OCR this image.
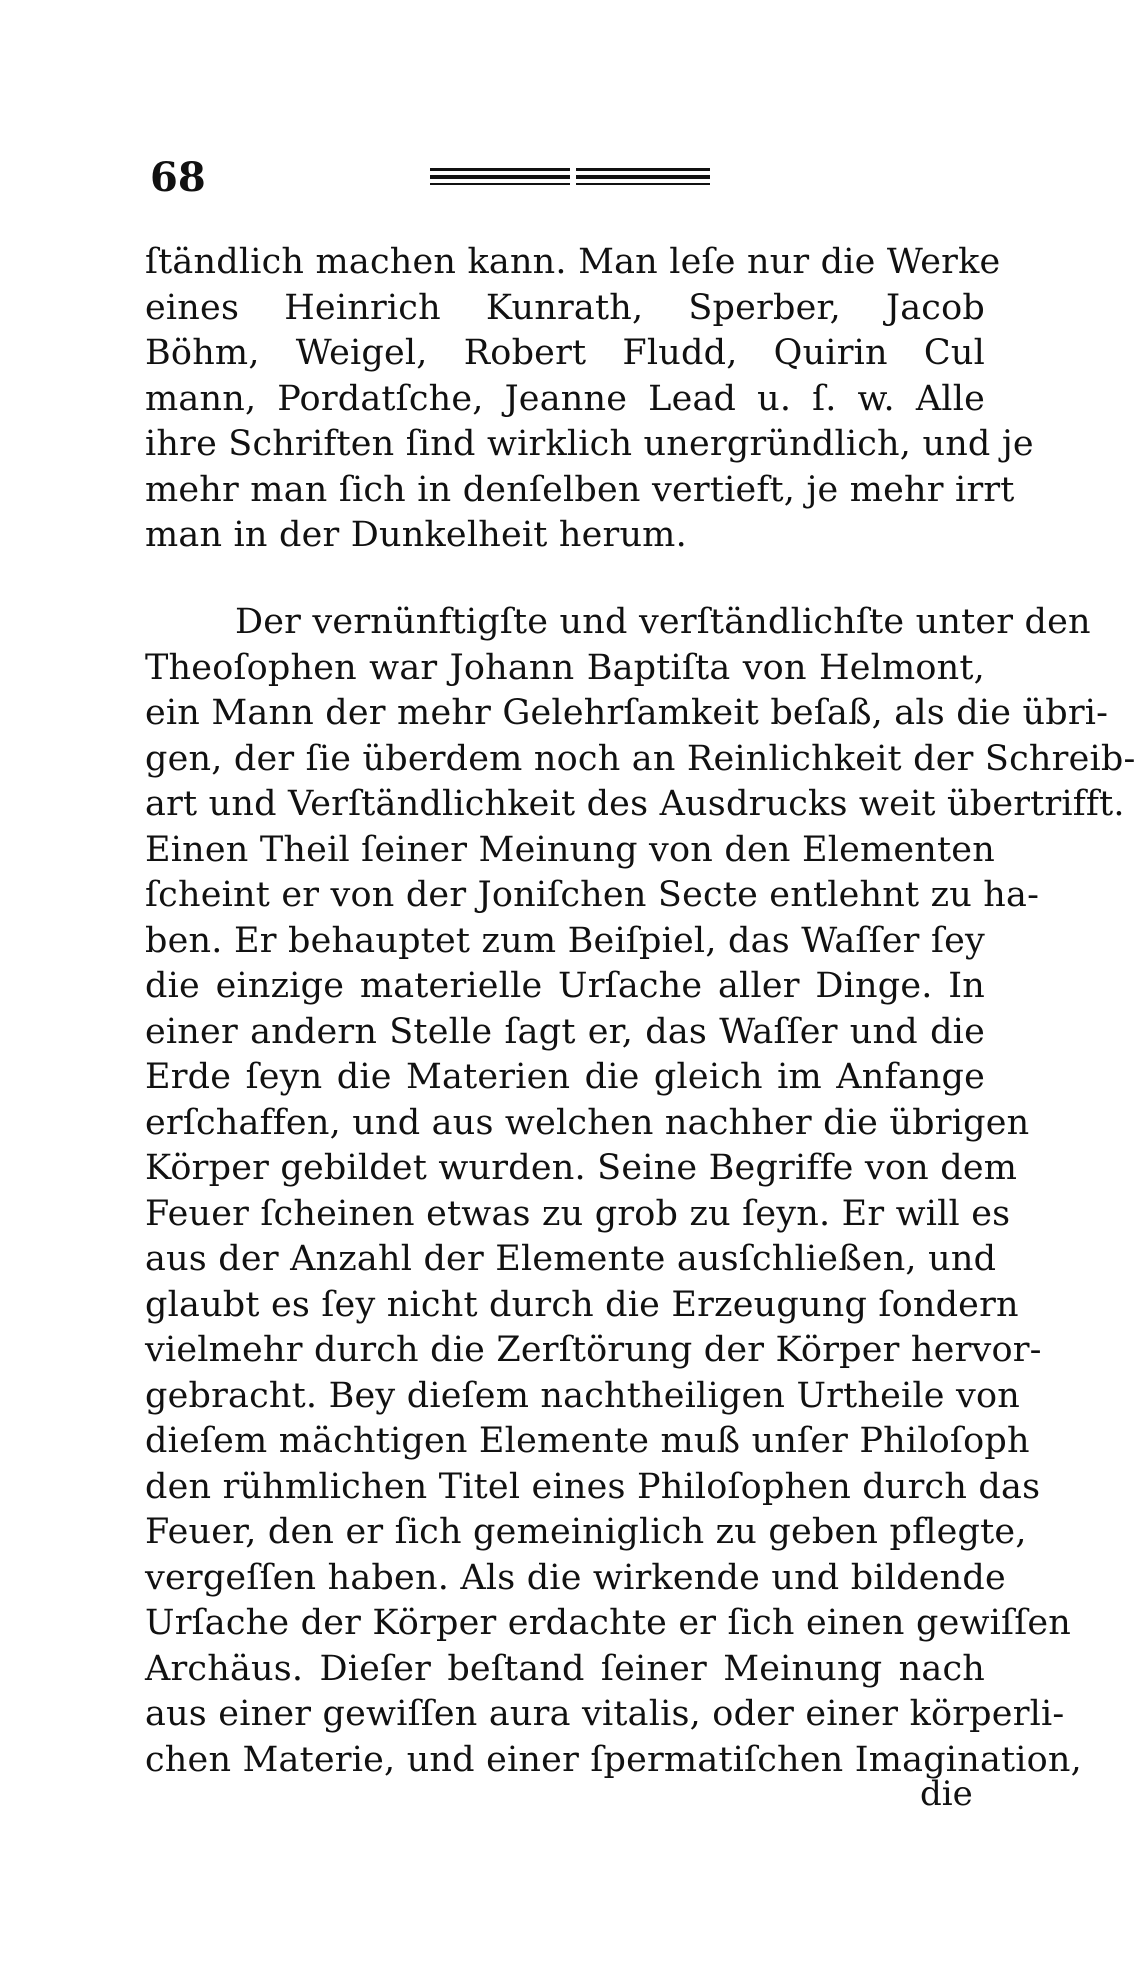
68
ſtändlich machen kann. Man leſe nur die Werke
eines Heinrich Kunrath, Sperber, Jacob
Böhm, Weigel, Robert Fludd, Quirin Cul
mann, Pordatſche, Jeanne Lead u. ſ. w. Alle
ihre Schriften ſind wirklich unergründlich, und je
mehr man ſich in denſelben vertieft, je mehr irrt
man in der Dunkelheit herum.
Der vernünftigſte und verſtändlichſte unter den
Theoſophen war Johann Baptiſta von Helmont,
ein Mann der mehr Gelehrſamkeit beſaß, als die übri-
gen, der ſie überdem noch an Reinlichkeit der Schreib-
art und Verſtändlichkeit des Ausdrucks weit übertrifft.
Einen Theil ſeiner Meinung von den Elementen
ſcheint er von der Joniſchen Secte entlehnt zu ha-
ben. Er behauptet zum Beiſpiel, das Waſſer ſey
die einzige materielle Urſache aller Dinge. In
einer andern Stelle ſagt er, das Waſſer und die
Erde ſeyn die Materien die gleich im Anfange
erſchaffen, und aus welchen nachher die übrigen
Körper gebildet wurden. Seine Begriffe von dem
Feuer ſcheinen etwas zu grob zu ſeyn. Er will es
aus der Anzahl der Elemente ausſchließen, und
glaubt es ſey nicht durch die Erzeugung ſondern
vielmehr durch die Zerſtörung der Körper hervor-
gebracht. Bey dieſem nachtheiligen Urtheile von
dieſem mächtigen Elemente muß unſer Philoſoph
den rühmlichen Titel eines Philoſophen durch das
Feuer, den er ſich gemeiniglich zu geben pflegte,
vergeſſen haben. Als die wirkende und bildende
Urſache der Körper erdachte er ſich einen gewiſſen
Archäus. Dieſer beſtand ſeiner Meinung nach
aus einer gewiſſen aura vitalis, oder einer körperli-
chen Materie, und einer ſpermatiſchen Imagination,
die
